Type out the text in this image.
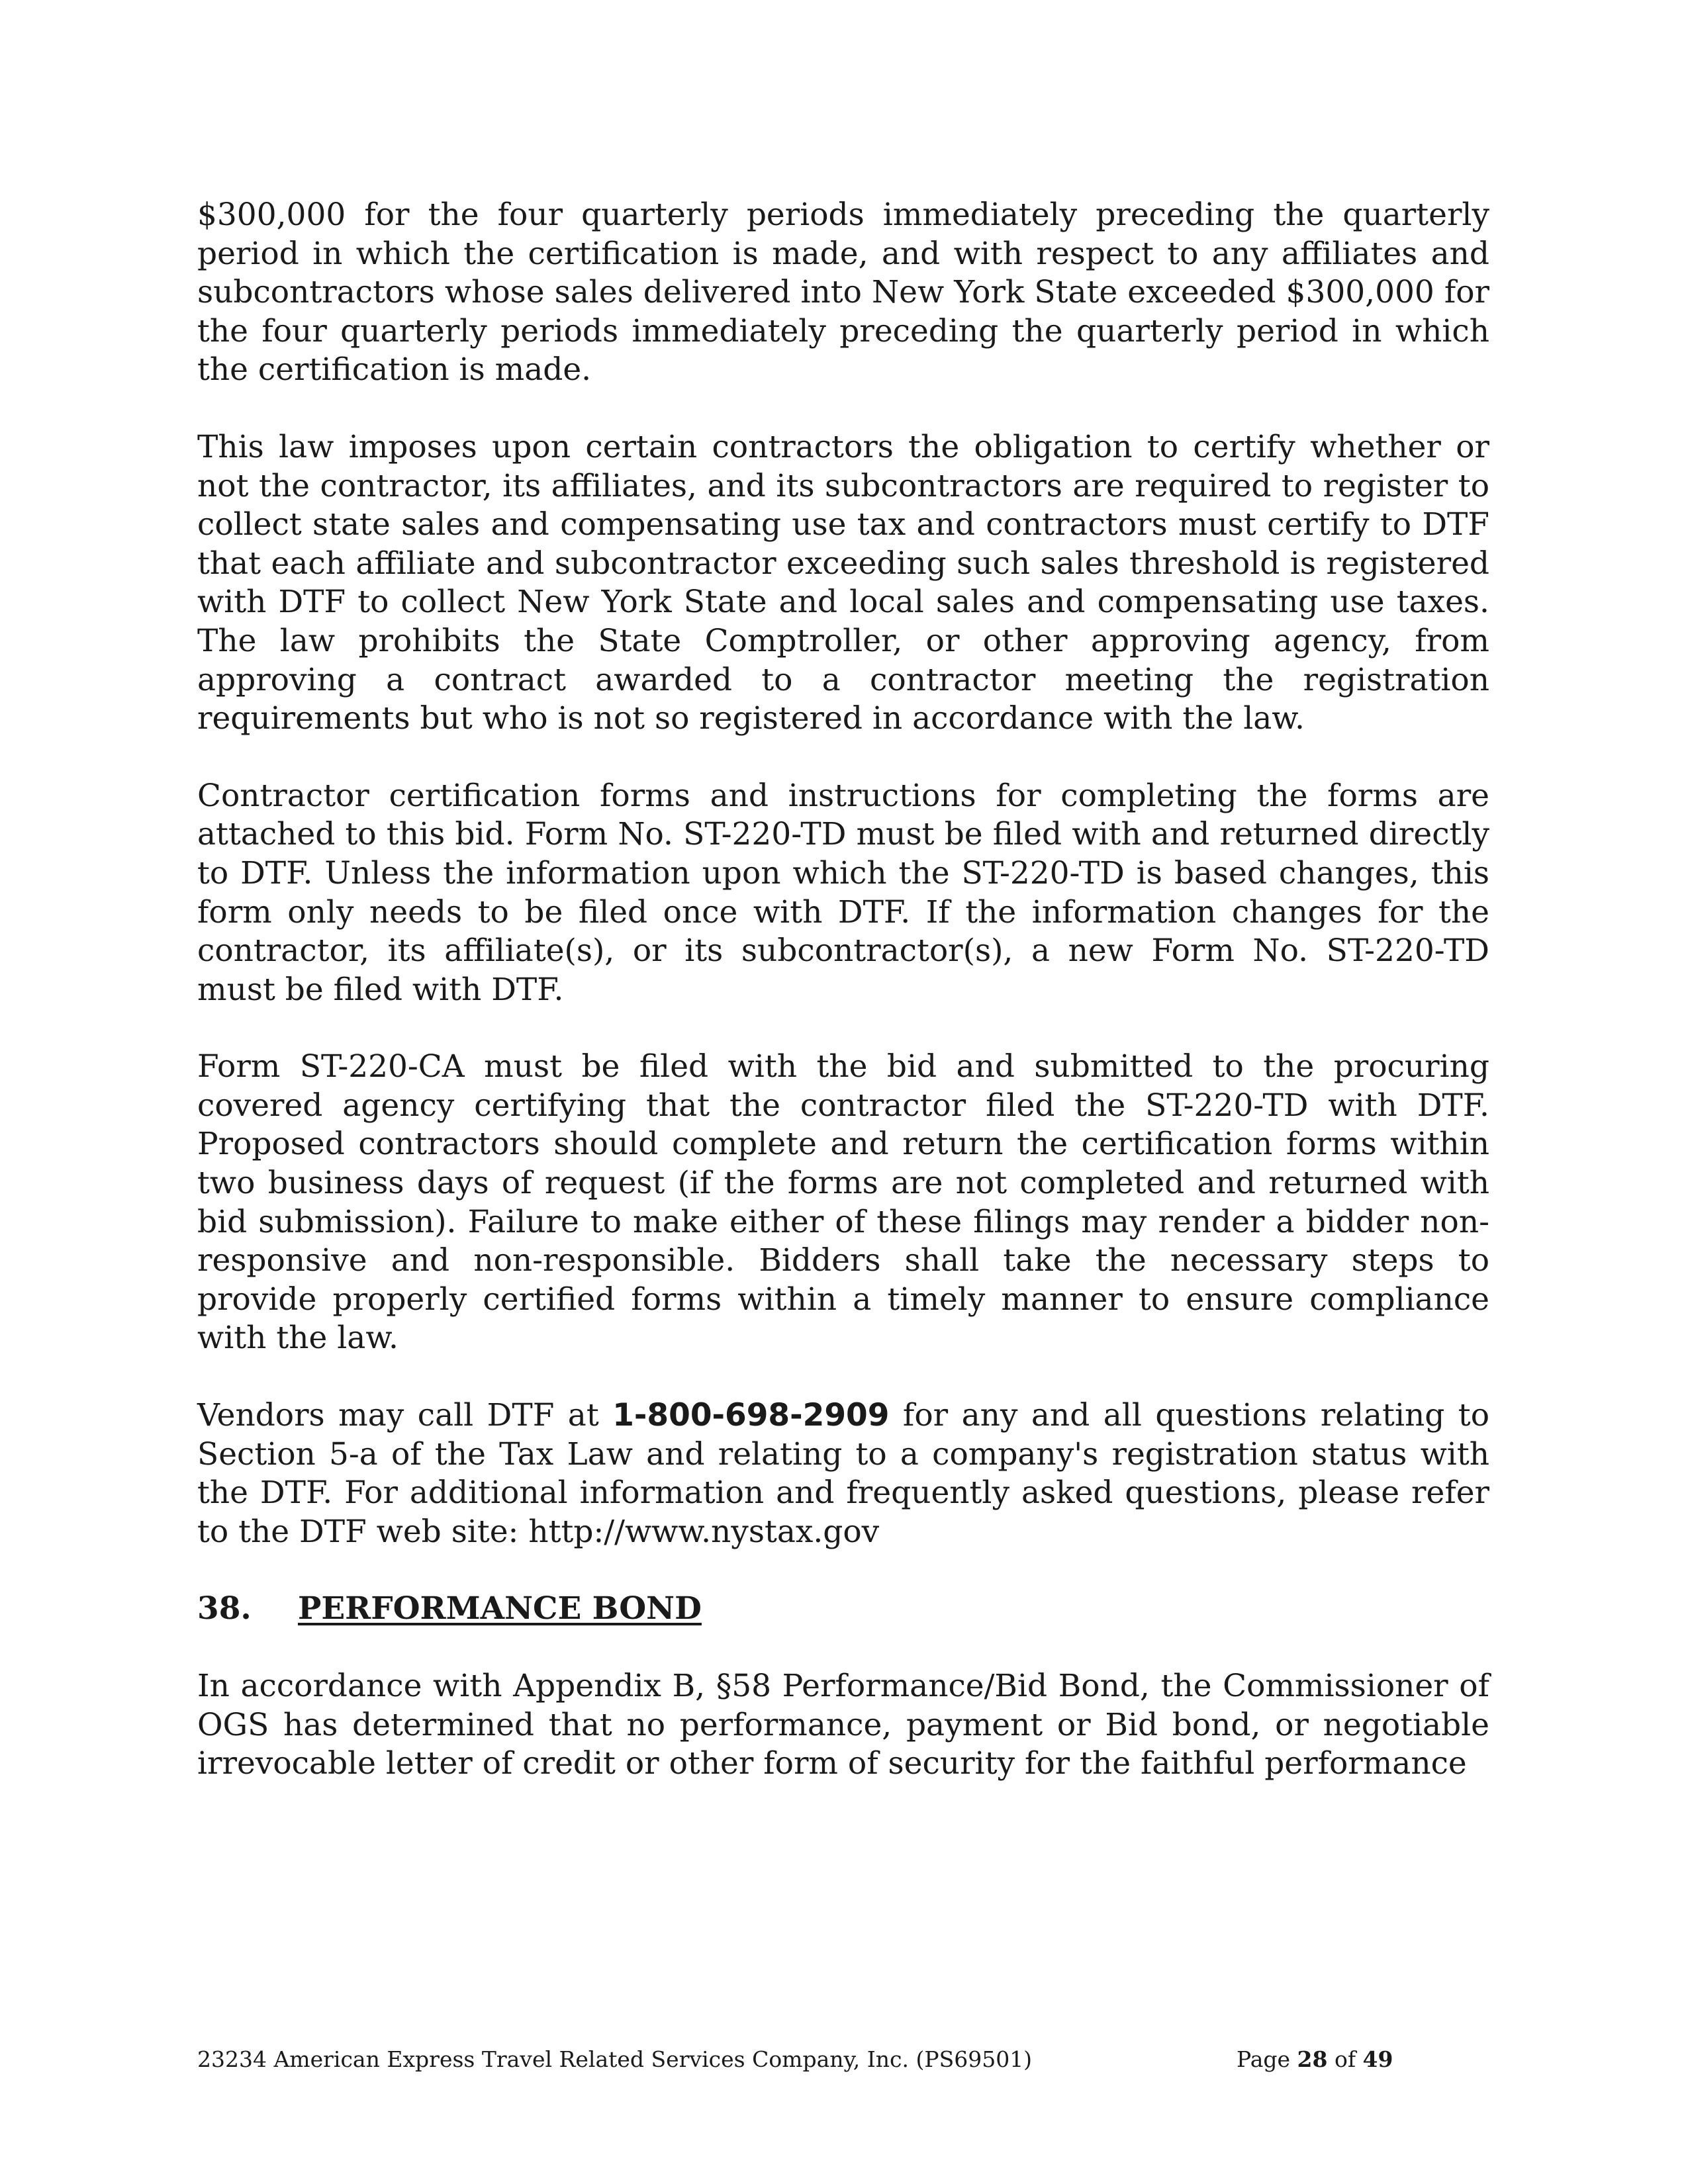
$300,000 for the four quarterly periods immediately preceding the quarterly period in which the certification is made, and with respect to any affiliates and subcontractors whose sales delivered into New York State exceeded $300,000 for the four quarterly periods immediately preceding the quarterly period in which the certification is made.

This law imposes upon certain contractors the obligation to certify whether or not the contractor, its affiliates, and its subcontractors are required to register to collect state sales and compensating use tax and contractors must certify to DTF that each affiliate and subcontractor exceeding such sales threshold is registered with DTF to collect New York State and local sales and compensating use taxes. The law prohibits the State Comptroller, or other approving agency, from approving a contract awarded to a contractor meeting the registration requirements but who is not so registered in accordance with the law.

Contractor certification forms and instructions for completing the forms are attached to this bid. Form No. ST-220-TD must be filed with and returned directly to DTF. Unless the information upon which the ST-220-TD is based changes, this form only needs to be filed once with DTF. If the information changes for the contractor, its affiliate(s), or its subcontractor(s), a new Form No. ST-220-TD must be filed with DTF.

Form ST-220-CA must be filed with the bid and submitted to the procuring covered agency certifying that the contractor filed the ST-220-TD with DTF. Proposed contractors should complete and return the certification forms within two business days of request (if the forms are not completed and returned with bid submission). Failure to make either of these filings may render a bidder non-responsive and non-responsible. Bidders shall take the necessary steps to provide properly certified forms within a timely manner to ensure compliance with the law.

Vendors may call DTF at 1-800-698-2909 for any and all questions relating to Section 5-a of the Tax Law and relating to a company's registration status with the DTF. For additional information and frequently asked questions, please refer to the DTF web site: http://www.nystax.gov

38.	PERFORMANCE BOND

In accordance with Appendix B, §58 Performance/Bid Bond, the Commissioner of OGS has determined that no performance, payment or Bid bond, or negotiable irrevocable letter of credit or other form of security for the faithful performance

23234 American Express Travel Related Services Company, Inc. (PS69501)	Page 28 of 49
